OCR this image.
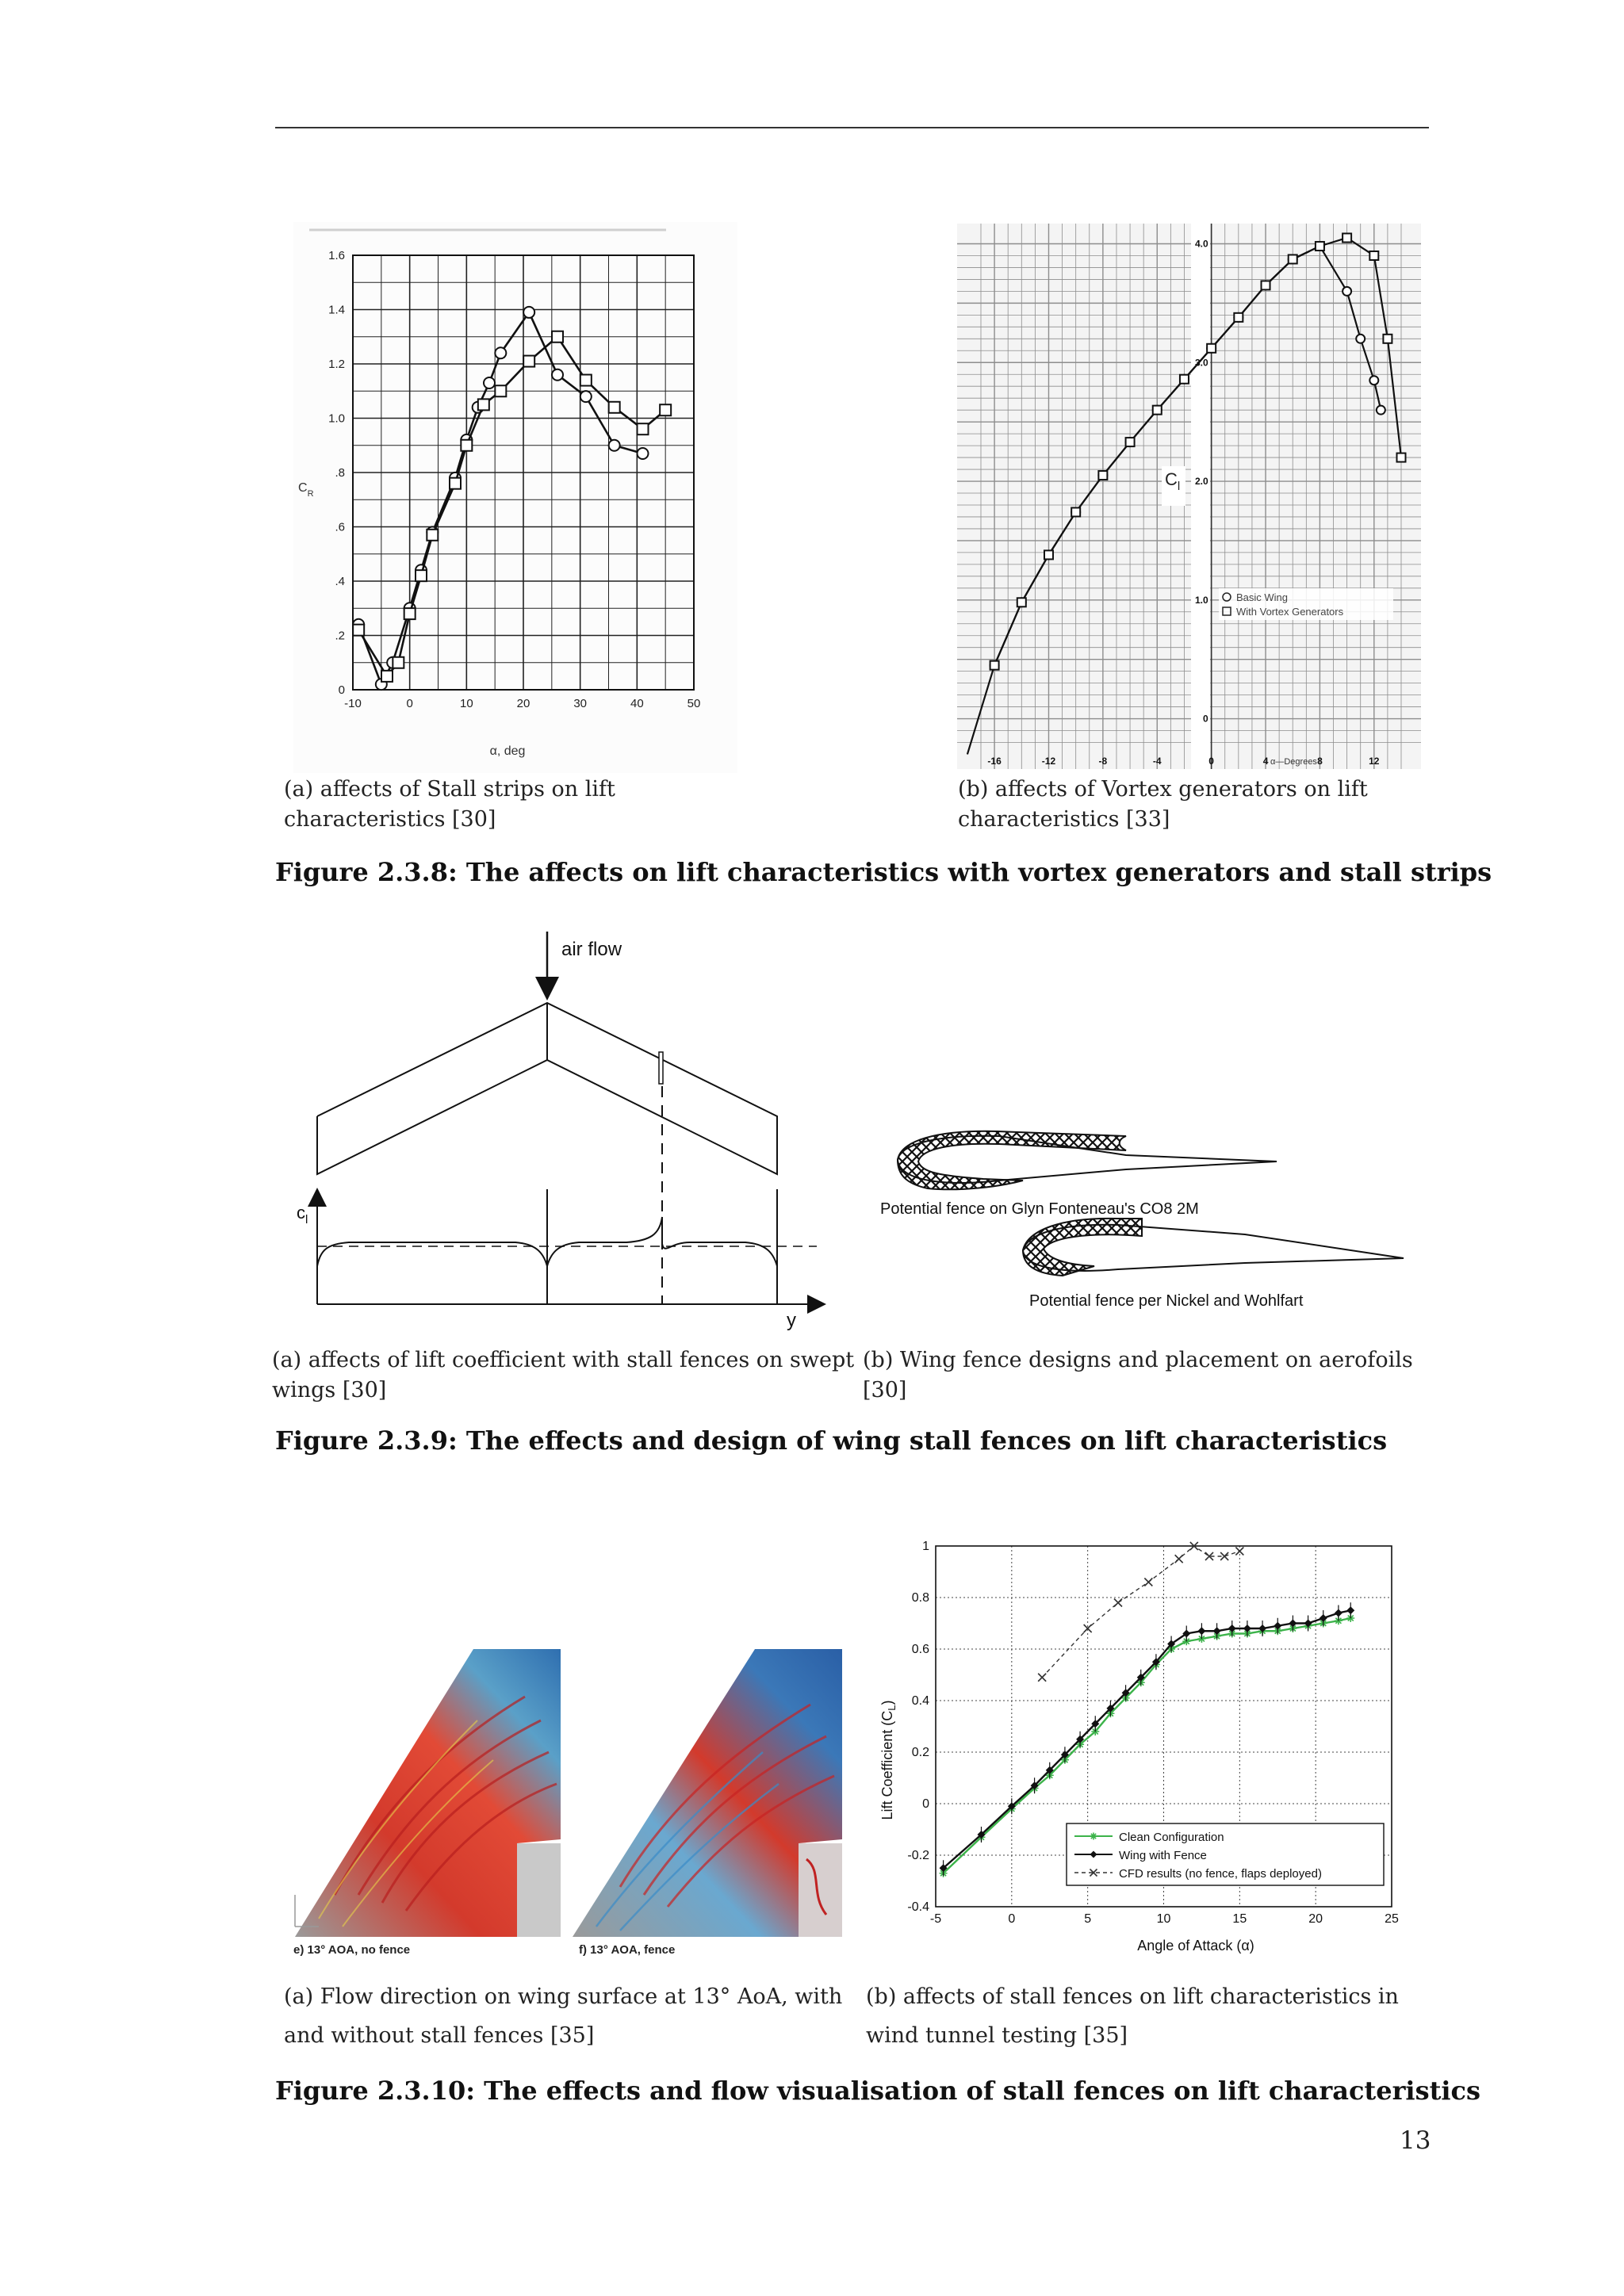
-10	0	10	20	30	40	50
0
.2
.4
.6
.8
1.0
1.2
1.4
1.6
$C_R$
α, deg
(a) affects of Stall strips on lift characteristics [30]
-16	-12	-8	-4	0	4	8	12
0
1.0
2.0
3.0
4.0
$C_l$
Basic Wing
With Vortex Generators
α—Degrees
(b) affects of Vortex generators on lift characteristics [33]
Figure 2.3.8: The affects on lift characteristics with vortex generators and stall strips
air flow
$c_l$
y
Potential fence on Glyn Fonteneau's CO8 2M
Potential fence per Nickel and Wohlfart
(a) affects of lift coefficient with stall fences on swept wings [30]
(b) Wing fence designs and placement on aerofoils [30]
Figure 2.3.9: The effects and design of wing stall fences on lift characteristics
e) 13° AOA, no fence	f) 13° AOA, fence
-5	0	5	10	15	20	25
-0.4
-0.2
0
0.2
0.4
0.6
0.8
1
Angle of Attack (α)
Lift Coefficient $(C_L)$
Clean Configuration
Wing with Fence
CFD results (no fence, flaps deployed)
(a) Flow direction on wing surface at 13° AoA, with and without stall fences [35]
(b) affects of stall fences on lift characteristics in wind tunnel testing [35]
Figure 2.3.10: The effects and flow visualisation of stall fences on lift characteristics
13
